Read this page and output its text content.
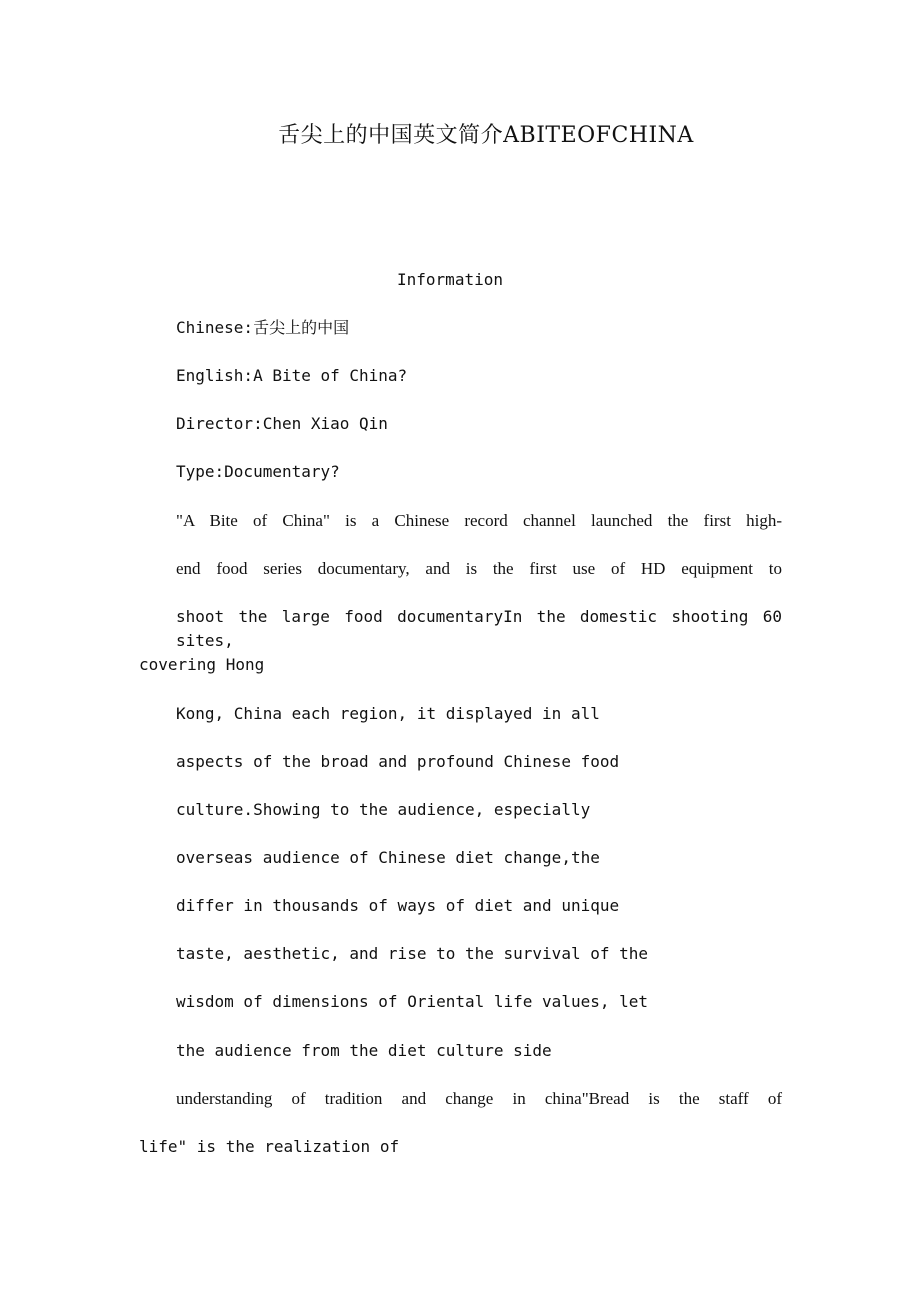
舌尖上的中国英文简介ABITEOFCHINA
Information
Chinese:舌尖上的中国
English:A Bite of China?
Director:Chen Xiao Qin
Type:Documentary?
"A Bite of China" is a Chinese record channel launched the first high-
end food series documentary, and is the first use of HD equipment to
shoot the large food documentaryIn the domestic shooting 60 sites,
covering Hong
Kong, China each region, it displayed in all
aspects of the broad and profound Chinese food
culture.Showing to the audience, especially
overseas audience of Chinese diet change,the
differ in thousands of ways of diet and unique
taste, aesthetic, and rise to the survival of the
wisdom of dimensions of Oriental life values, let
the audience from the diet culture side
understanding of tradition and change in china"Bread is the staff of
life" is the realization of
